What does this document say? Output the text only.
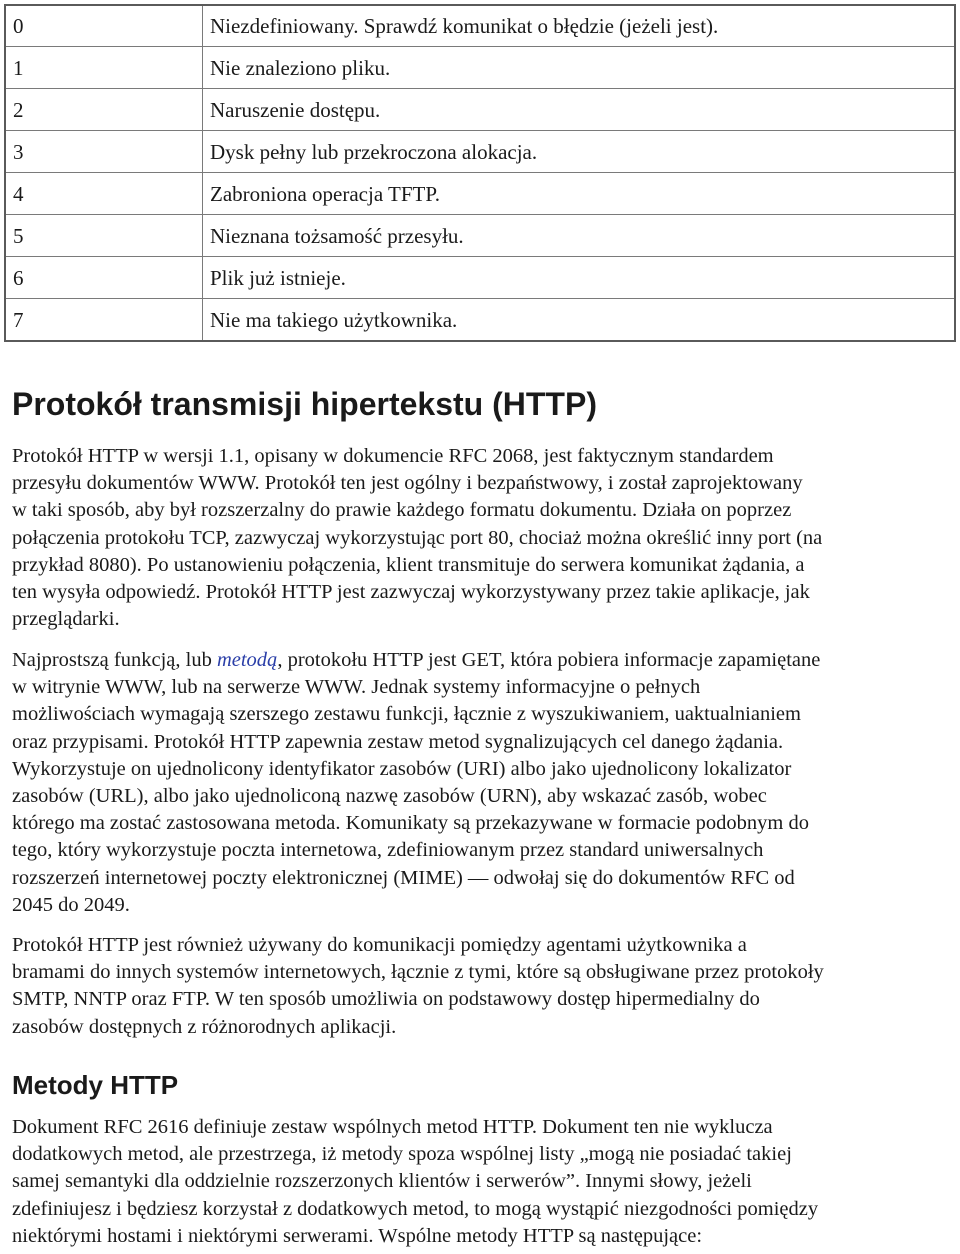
0	Niezdefiniowany. Sprawdź komunikat o błędzie (jeżeli jest).
1	Nie znaleziono pliku.
2	Naruszenie dostępu.
3	Dysk pełny lub przekroczona alokacja.
4	Zabroniona operacja TFTP.
5	Nieznana tożsamość przesyłu.
6	Plik już istnieje.
7	Nie ma takiego użytkownika.
Protokół transmisji hipertekstu (HTTP)

Protokół HTTP w wersji 1.1, opisany w dokumencie RFC 2068, jest faktycznym standardem
przesyłu dokumentów WWW. Protokół ten jest ogólny i bezpaństwowy, i został zaprojektowany
w taki sposób, aby był rozszerzalny do prawie każdego formatu dokumentu. Działa on poprzez
połączenia protokołu TCP, zazwyczaj wykorzystując port 80, chociaż można określić inny port (na
przykład 8080). Po ustanowieniu połączenia, klient transmituje do serwera komunikat żądania, a
ten wysyła odpowiedź. Protokół HTTP jest zazwyczaj wykorzystywany przez takie aplikacje, jak
przeglądarki.

Najprostszą funkcją, lub metodą, protokołu HTTP jest GET, która pobiera informacje zapamiętane
w witrynie WWW, lub na serwerze WWW. Jednak systemy informacyjne o pełnych
możliwościach wymagają szerszego zestawu funkcji, łącznie z wyszukiwaniem, uaktualnianiem
oraz przypisami. Protokół HTTP zapewnia zestaw metod sygnalizujących cel danego żądania.
Wykorzystuje on ujednolicony identyfikator zasobów (URI) albo jako ujednolicony lokalizator
zasobów (URL), albo jako ujednoliconą nazwę zasobów (URN), aby wskazać zasób, wobec
którego ma zostać zastosowana metoda. Komunikaty są przekazywane w formacie podobnym do
tego, który wykorzystuje poczta internetowa, zdefiniowanym przez standard uniwersalnych
rozszerzeń internetowej poczty elektronicznej (MIME) — odwołaj się do dokumentów RFC od
2045 do 2049.

Protokół HTTP jest również używany do komunikacji pomiędzy agentami użytkownika a
bramami do innych systemów internetowych, łącznie z tymi, które są obsługiwane przez protokoły
SMTP, NNTP oraz FTP. W ten sposób umożliwia on podstawowy dostęp hipermedialny do
zasobów dostępnych z różnorodnych aplikacji.

Metody HTTP

Dokument RFC 2616 definiuje zestaw wspólnych metod HTTP. Dokument ten nie wyklucza
dodatkowych metod, ale przestrzega, iż metody spoza wspólnej listy „mogą nie posiadać takiej
samej semantyki dla oddzielnie rozszerzonych klientów i serwerów”. Innymi słowy, jeżeli
zdefiniujesz i będziesz korzystał z dodatkowych metod, to mogą wystąpić niezgodności pomiędzy
niektórymi hostami i niektórymi serwerami. Wspólne metody HTTP są następujące:
